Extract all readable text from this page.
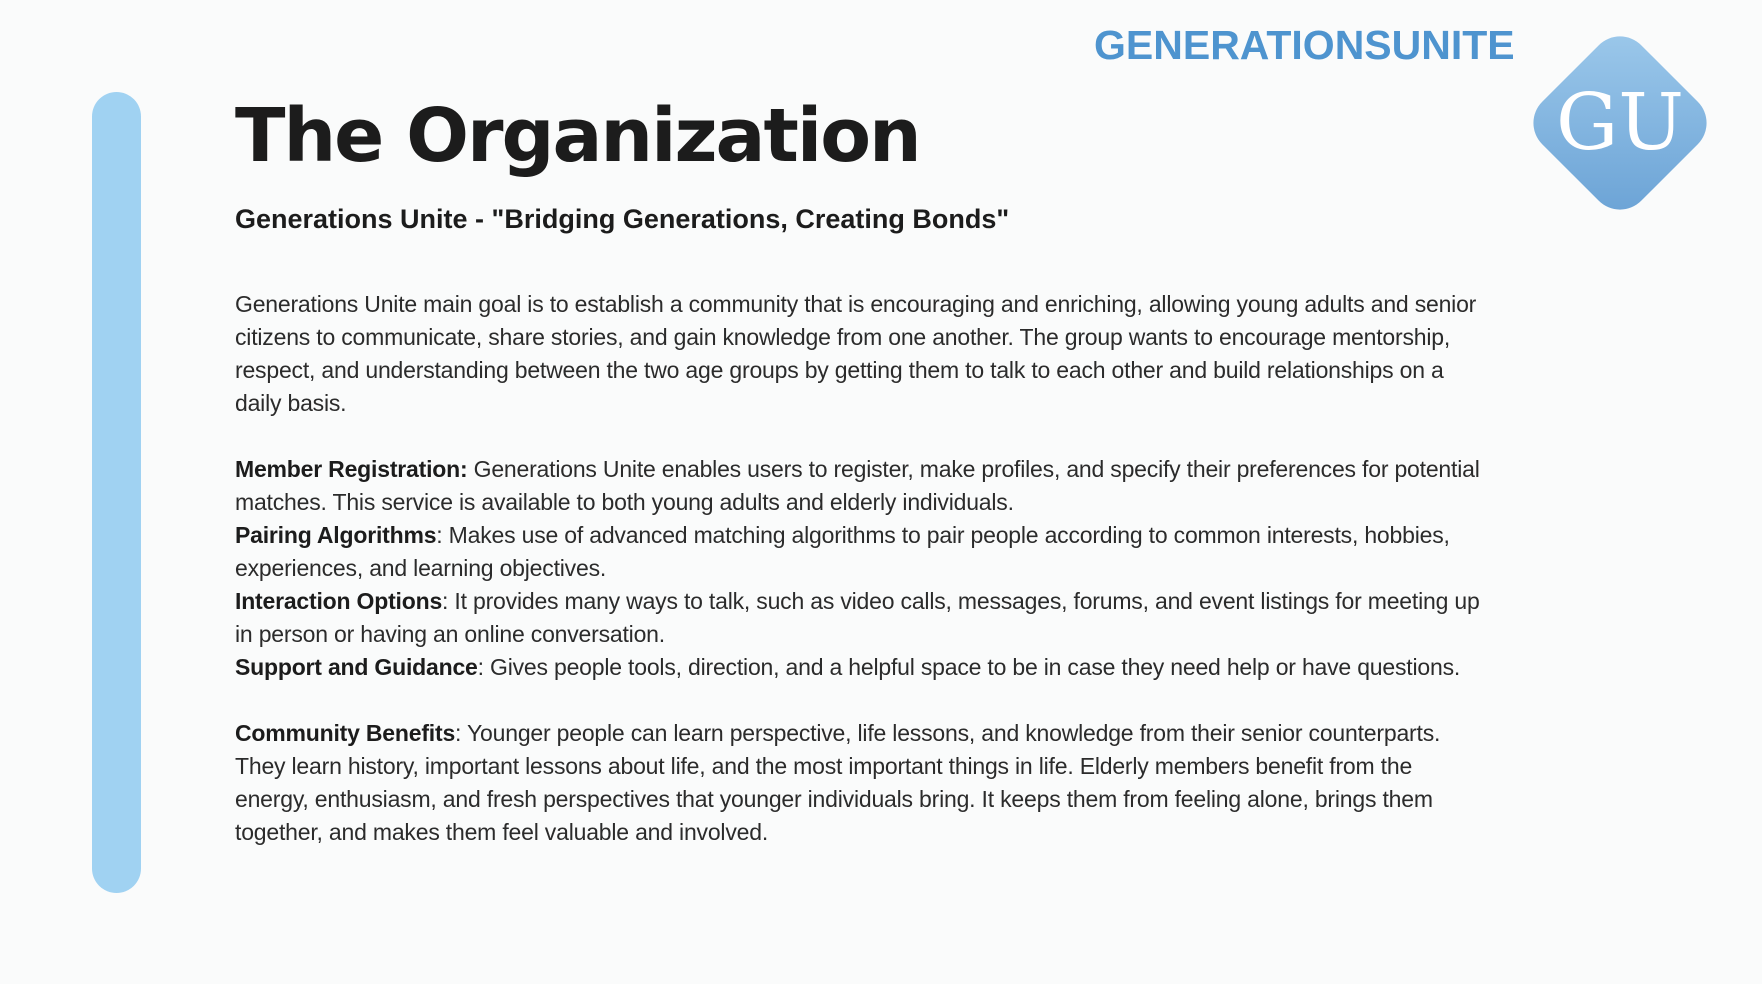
GENERATIONSUNITE
GU
The Organization
Generations Unite - "Bridging Generations, Creating Bonds"

Generations Unite main goal is to establish a community that is encouraging and enriching, allowing young adults and senior citizens to communicate, share stories, and gain knowledge from one another. The group wants to encourage mentorship, respect, and understanding between the two age groups by getting them to talk to each other and build relationships on a daily basis.

Member Registration: Generations Unite enables users to register, make profiles, and specify their preferences for potential matches. This service is available to both young adults and elderly individuals.

Pairing Algorithms: Makes use of advanced matching algorithms to pair people according to common interests, hobbies, experiences, and learning objectives.

Interaction Options: It provides many ways to talk, such as video calls, messages, forums, and event listings for meeting up in person or having an online conversation.

Support and Guidance: Gives people tools, direction, and a helpful space to be in case they need help or have questions.

Community Benefits: Younger people can learn perspective, life lessons, and knowledge from their senior counterparts. They learn history, important lessons about life, and the most important things in life. Elderly members benefit from the energy, enthusiasm, and fresh perspectives that younger individuals bring. It keeps them from feeling alone, brings them together, and makes them feel valuable and involved.
